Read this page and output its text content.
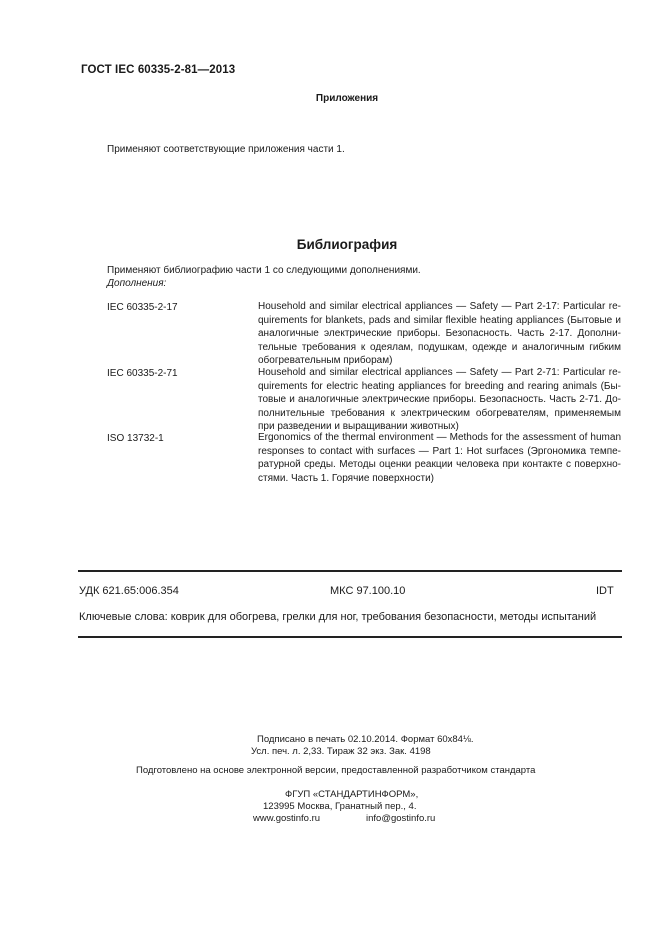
ГОСТ IEC 60335-2-81—2013
Приложения
Применяют соответствующие приложения части 1.
Библиография
Применяют библиографию части 1 со следующими дополнениями.
Дополнения:
IEC 60335-2-17	Household and similar electrical appliances — Safety — Part 2-17: Particular re-
quirements for blankets, pads and similar flexible heating appliances (Бытовые и
аналогичные электрические приборы. Безопасность. Часть 2-17. Дополни-
тельные требования к одеялам, подушкам, одежде и аналогичным гибким
обогревательным приборам)
IEC 60335-2-71	Household and similar electrical appliances — Safety — Part 2-71: Particular re-
quirements for electric heating appliances for breeding and rearing animals (Бы-
товые и аналогичные электрические приборы. Безопасность. Часть 2-71. До-
полнительные требования к электрическим обогревателям, применяемым
при разведении и выращивании животных)
ISO 13732-1	Ergonomics of the thermal environment — Methods for the assessment of human
responses to contact with surfaces — Part 1: Hot surfaces (Эргономика темпе-
ратурной среды. Методы оценки реакции человека при контакте с поверхно-
стями. Часть 1. Горячие поверхности)
УДК 621.65:006.354	МКС 97.100.10	IDT
Ключевые слова: коврик для обогрева, грелки для ног, требования безопасности, методы испытаний
Подписано в печать 02.10.2014. Формат 60x84⅛.
Усл. печ. л. 2,33. Тираж 32 экз. Зак. 4198
Подготовлено на основе электронной версии, предоставленной разработчиком стандарта
ФГУП «СТАНДАРТИНФОРМ»,
123995 Москва, Гранатный пер., 4.
www.gostinfo.ru	info@gostinfo.ru
